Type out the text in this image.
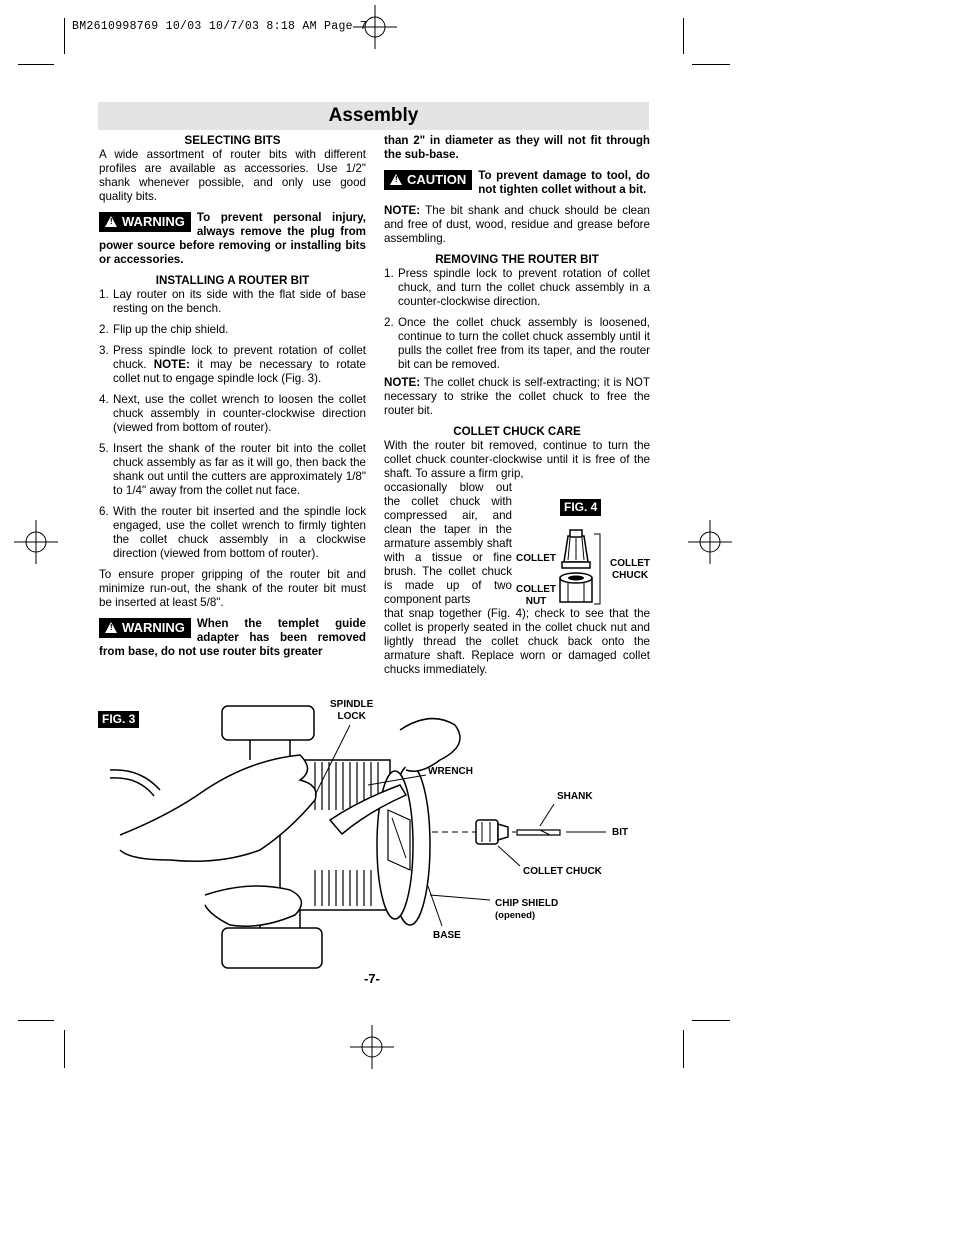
BM2610998769 10/03 10/7/03 8:18 AM Page 7
Assembly

SELECTING BITS

A wide assortment of router bits with different profiles are available as accessories. Use 1/2" shank whenever possible, and only use good quality bits.

! WARNING	To prevent personal injury, always remove the plug from power source before removing or installing bits or accessories.

INSTALLING A ROUTER BIT

1. Lay router on its side with the flat side of base resting on the bench.
2. Flip up the chip shield.
3. Press spindle lock to prevent rotation of collet chuck. NOTE: it may be necessary to rotate collet nut to engage spindle lock (Fig. 3).
4. Next, use the collet wrench to loosen the collet chuck assembly in counter-clockwise direction (viewed from bottom of router).
5. Insert the shank of the router bit into the collet chuck assembly as far as it will go, then back the shank out until the cutters are approximately 1/8" to 1/4" away from the collet nut face.
6. With the router bit inserted and the spindle lock engaged, use the collet wrench to firmly tighten the collet chuck assembly in a clockwise direction (viewed from bottom of router).

To ensure proper gripping of the router bit and minimize run-out, the shank of the router bit must be inserted at least 5/8".

! WARNING	When the templet guide adapter has been removed from base, do not use router bits greater

than 2" in diameter as they will not fit through the sub-base.

! CAUTION	To prevent damage to tool, do not tighten collet without a bit.

NOTE: The bit shank and chuck should be clean and free of dust, wood, residue and grease before assembling.

REMOVING THE ROUTER BIT

1. Press spindle lock to prevent rotation of collet chuck, and turn the collet chuck assembly in a counter-clockwise direction.
2. Once the collet chuck assembly is loosened, continue to turn the collet chuck assembly until it pulls the collet free from its taper, and the router bit can be removed.

NOTE: The collet chuck is self-extracting; it is NOT necessary to strike the collet chuck to free the router bit.

COLLET CHUCK CARE

With the router bit removed, continue to turn the collet chuck counter-clockwise until it is free of the shaft. To assure a firm grip,

occasionally blow out the collet chuck with compressed air, and clean the taper in the armature assembly shaft with a tissue or fine brush. The collet chuck is made up of two component parts

that snap together (Fig. 4); check to see that the collet is properly seated in the collet chuck nut and lightly thread the collet chuck back onto the armature shaft. Replace worn or damaged collet chucks immediately.

FIG. 4
COLLET
COLLET
NUT
COLLET
CHUCK
FIG. 3
SPINDLE
LOCK
WRENCH
SHANK
BIT
COLLET CHUCK
CHIP SHIELD
(opened)
BASE
-7-
